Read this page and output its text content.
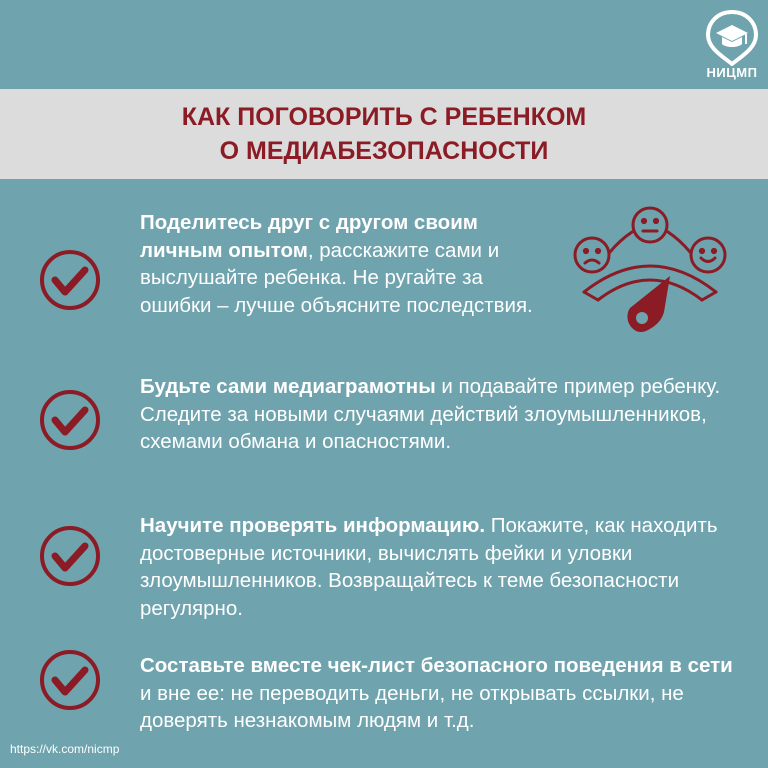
НИЦМП
КАК ПОГОВОРИТЬ С РЕБЕНКОМ
О МЕДИАБЕЗОПАСНОСТИ
Поделитесь друг с другом своим личным опытом, расскажите сами и выслушайте ребенка. Не ругайте за ошибки – лучше объясните последствия.
Будьте сами медиаграмотны и подавайте пример ребенку. Следите за новыми случаями действий злоумышленников, схемами обмана и опасностями.
Научите проверять информацию. Покажите, как находить достоверные источники, вычислять фейки и уловки злоумышленников. Возвращайтесь к теме безопасности регулярно.
Составьте вместе чек-лист безопасного поведения в сети и вне ее: не переводить деньги, не открывать ссылки, не доверять незнакомым людям и т.д.
https://vk.com/nicmp
